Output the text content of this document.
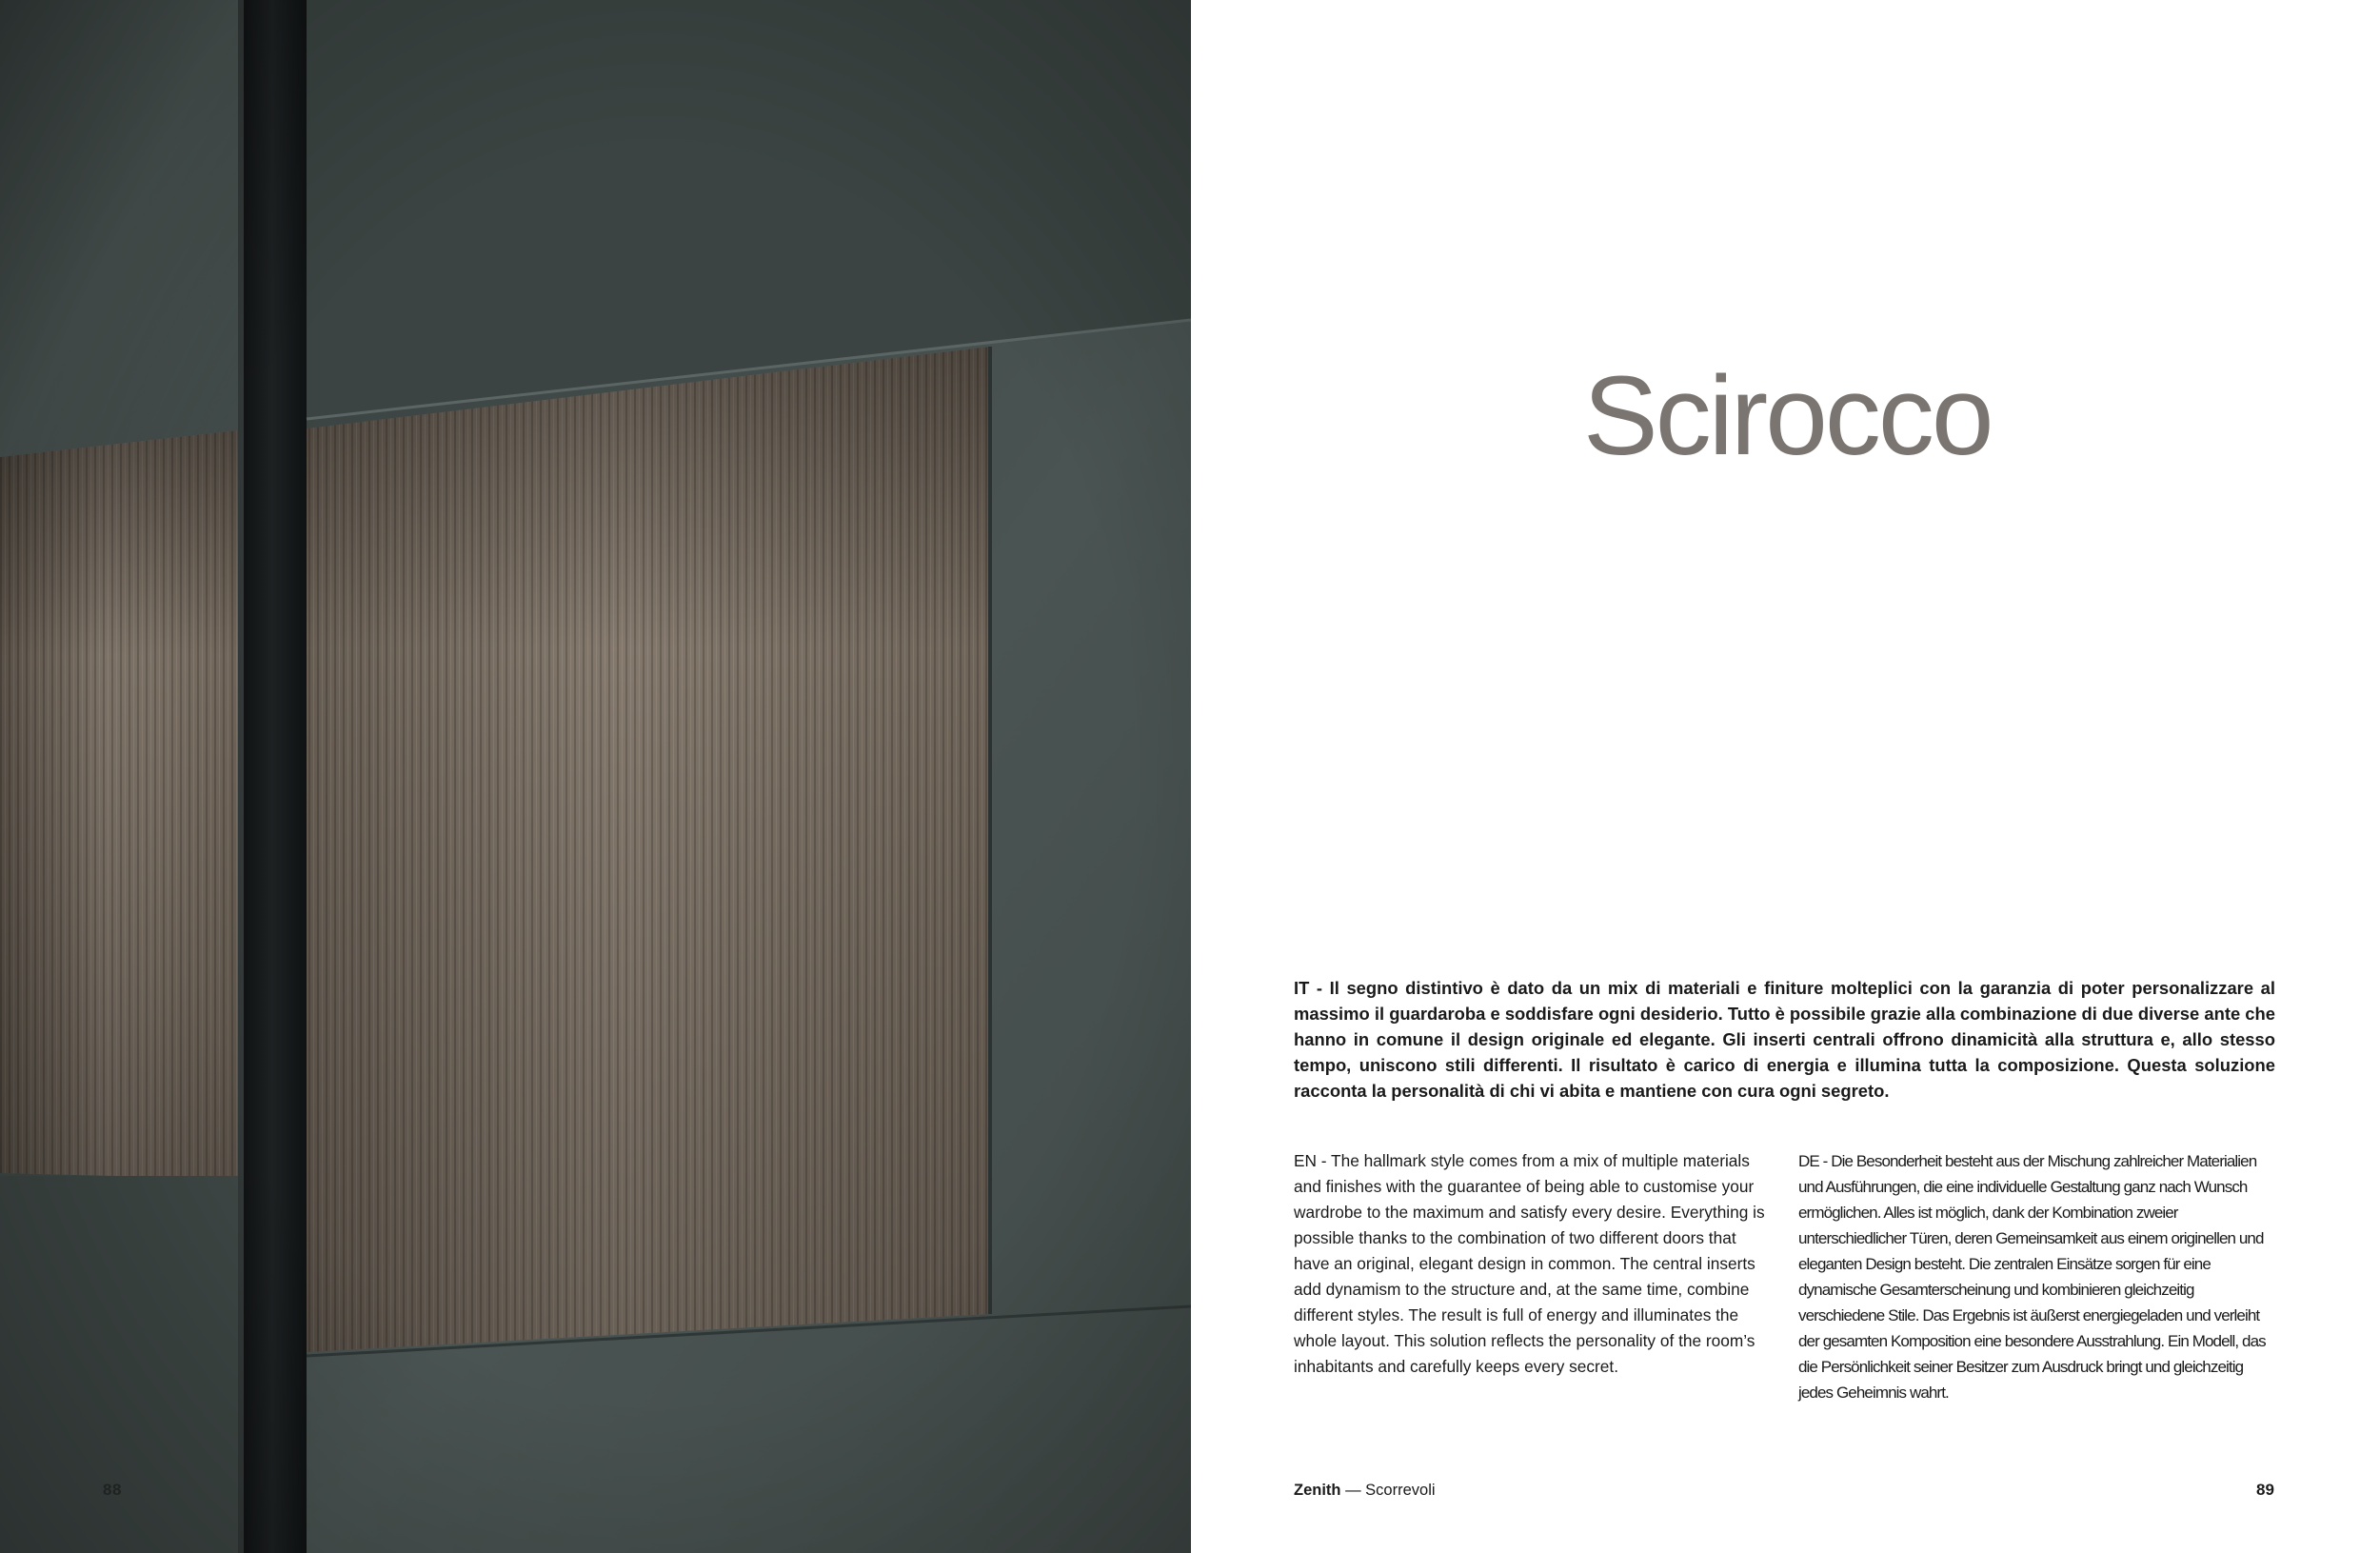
88
Scirocco
IT - Il segno distintivo è dato da un mix di materiali e finiture molteplici con la garanzia di poter personalizzare al massimo il guardaroba e soddisfare ogni desiderio. Tutto è possibile grazie alla combinazione di due diverse ante che hanno in comune il design originale ed elegante. Gli inserti centrali offrono dinamicità alla struttura e, allo stesso tempo, uniscono stili differenti. Il risultato è carico di energia e illumina tutta la composizione. Questa soluzione racconta la personalità di chi vi abita e mantiene con cura ogni segreto.
EN - The hallmark style comes from a mix of multiple materials and finishes with the guarantee of being able to customise your wardrobe to the maximum and satisfy every desire. Everything is possible thanks to the combination of two different doors that have an original, elegant design in common. The central inserts add dynamism to the structure and, at the same time, combine different styles. The result is full of energy and illuminates the whole layout. This solution reflects the personality of the room’s inhabitants and carefully keeps every secret.
DE - Die Besonderheit besteht aus der Mischung zahlreicher Materialien und Ausführungen, die eine individuelle Gestaltung ganz nach Wunsch ermöglichen. Alles ist möglich, dank der Kombination zweier unterschiedlicher Türen, deren Gemeinsamkeit aus einem originellen und eleganten Design besteht. Die zentralen Einsätze sorgen für eine dynamische Gesamterscheinung und kombinieren gleichzeitig verschiedene Stile. Das Ergebnis ist äußerst energiegeladen und verleiht der gesamten Komposition eine besondere Ausstrahlung. Ein Modell, das die Persönlichkeit seiner Besitzer zum Ausdruck bringt und gleichzeitig jedes Geheimnis wahrt.
Zenith — Scorrevoli	89
